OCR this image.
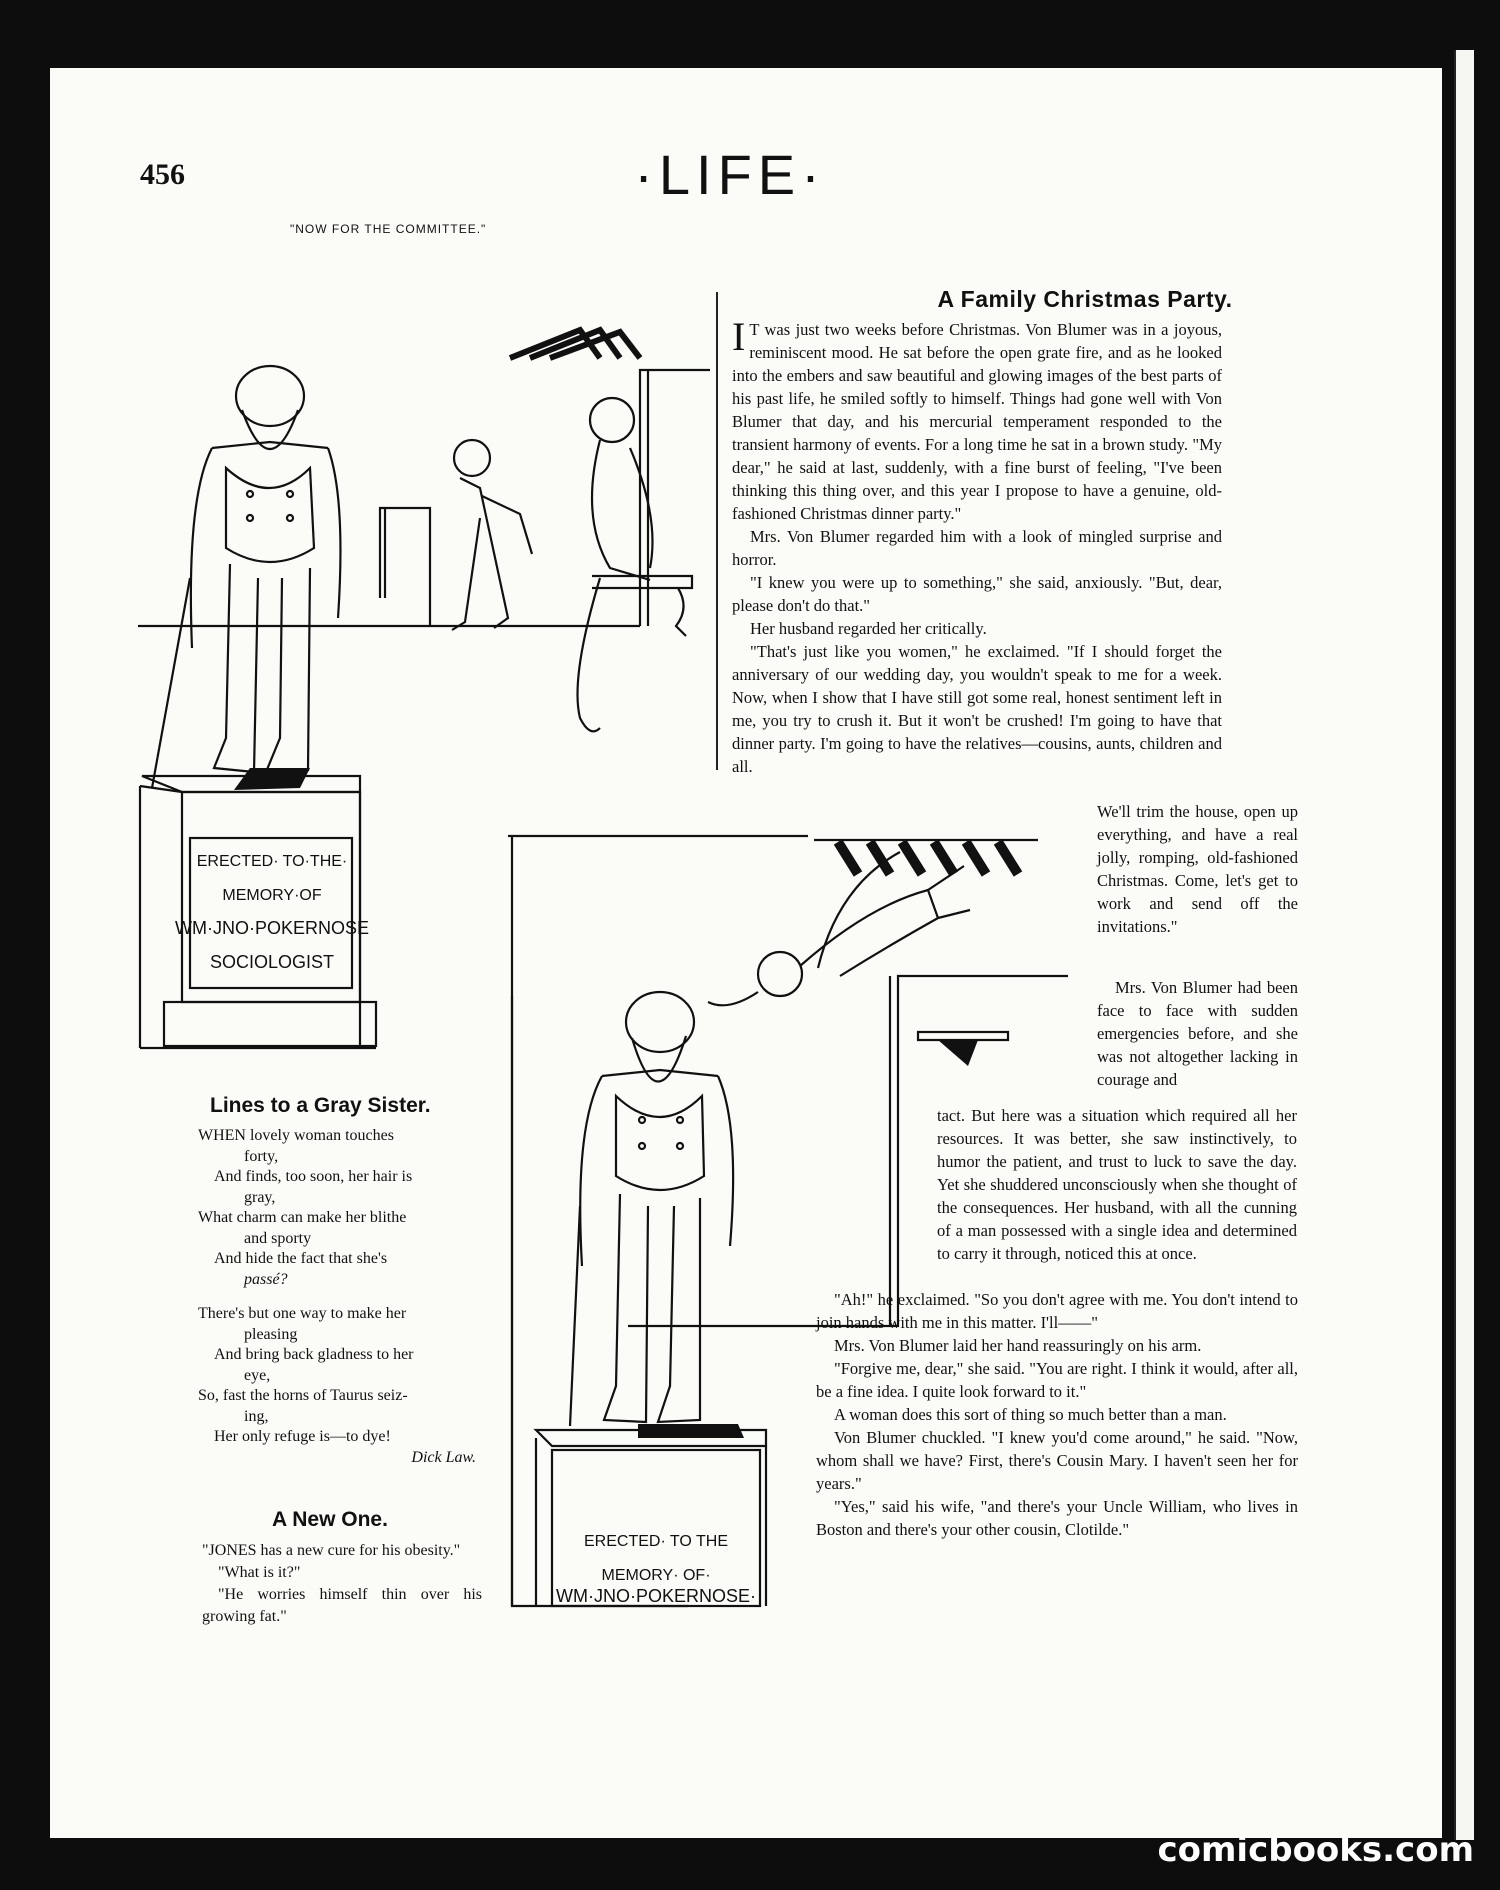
456	·LIFE·
"NOW FOR THE COMMITTEE."
ERECTED· TO·THE·
MEMORY·OF
WM·JNO·POKERNOSE
SOCIOLOGIST
A Family Christmas Party.

I T was just two weeks before Christmas. Von Blumer was in a joyous, reminiscent mood. He sat before the open grate fire, and as he looked into the embers and saw beautiful and glowing images of the best parts of his past life, he smiled softly to himself. Things had gone well with Von Blumer that day, and his mercurial temperament responded to the transient harmony of events. For a long time he sat in a brown study. "My dear," he said at last, suddenly, with a fine burst of feeling, "I've been thinking this thing over, and this year I propose to have a genuine, old-fashioned Christmas dinner party."

Mrs. Von Blumer regarded him with a look of mingled surprise and horror.

"I knew you were up to something," she said, anxiously. "But, dear, please don't do that."

Her husband regarded her critically.

"That's just like you women," he exclaimed. "If I should forget the anniversary of our wedding day, you wouldn't speak to me for a week. Now, when I show that I have still got some real, honest sentiment left in me, you try to crush it. But it won't be crushed! I'm going to have that dinner party. I'm going to have the relatives—cousins, aunts, children and all.

ERECTED· TO THE
MEMORY· OF·
WM·JNO·POKERNOSE·

We'll trim the house, open up everything, and have a real jolly, romping, old-fashioned Christmas. Come, let's get to work and send off the invitations."

Mrs. Von Blumer had been face to face with sudden emergencies before, and she was not altogether lacking in courage and

tact. But here was a situation which required all her resources. It was better, she saw instinctively, to humor the patient, and trust to luck to save the day. Yet she shuddered unconsciously when she thought of the consequences. Her husband, with all the cunning of a man possessed with a single idea and determined to carry it through, noticed this at once.

"Ah!" he exclaimed. "So you don't agree with me. You don't intend to join hands with me in this matter. I'll——"

Mrs. Von Blumer laid her hand reassuringly on his arm.

"Forgive me, dear," she said. "You are right. I think it would, after all, be a fine idea. I quite look forward to it."

A woman does this sort of thing so much better than a man.

Von Blumer chuckled. "I knew you'd come around," he said. "Now, whom shall we have? First, there's Cousin Mary. I haven't seen her for years."

"Yes," said his wife, "and there's your Uncle William, who lives in Boston and there's your other cousin, Clotilde."

Lines to a Gray Sister.
WHEN lovely woman touches
forty,
And finds, too soon, her hair is
gray,
What charm can make her blithe
and sporty
And hide the fact that she's
passé?
There's but one way to make her
pleasing
And bring back gladness to her
eye,
So, fast the horns of Taurus seiz-
ing,
Her only refuge is—to dye!
Dick Law.
A New One.

"JONES has a new cure for his obesity."

"What is it?"

"He worries himself thin over his growing fat."

comicbooks.com
